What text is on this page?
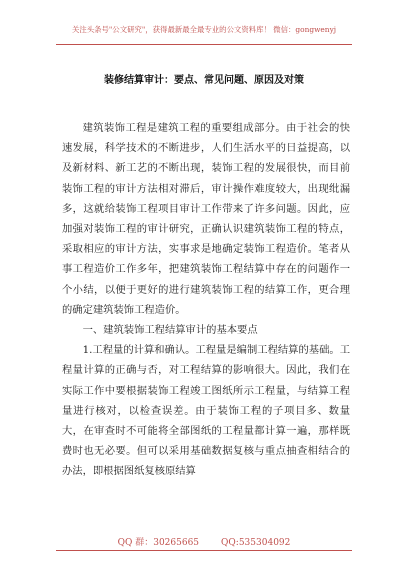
关注头条号"公文研究"，获得最新最全最专业的公文资料库！ 微信：gongwenyj
装修结算审计：要点、常见问题、原因及对策

建筑装饰工程是建筑工程的重要组成部分。由于社会的快速发展，科学技术的不断进步，人们生活水平的日益提高，以及新材料、新工艺的不断出现，装饰工程的发展很快，而目前装饰工程的审计方法相对滞后，审计操作难度较大，出现纰漏多，这就给装饰工程项目审计工作带来了许多问题。因此，应加强对装饰工程的审计研究，正确认识建筑装饰工程的特点，采取相应的审计方法，实事求是地确定装饰工程造价。笔者从事工程造价工作多年，把建筑装饰工程结算中存在的问题作一个小结，以便于更好的进行建筑装饰工程的结算工作，更合理的确定建筑装饰工程造价。

一、建筑装饰工程结算审计的基本要点

1.工程量的计算和确认。工程量是编制工程结算的基础。工程量计算的正确与否，对工程结算的影响很大。因此，我们在实际工作中要根据装饰工程竣工图纸所示工程量，与结算工程量进行核对，以检查误差。由于装饰工程的子项目多、数量大，在审查时不可能将全部图纸的工程量都计算一遍，那样既费时也无必要。但可以采用基础数据复核与重点抽查相结合的办法，即根据图纸复核原结算

QQ 群：30265665 QQ:535304092
